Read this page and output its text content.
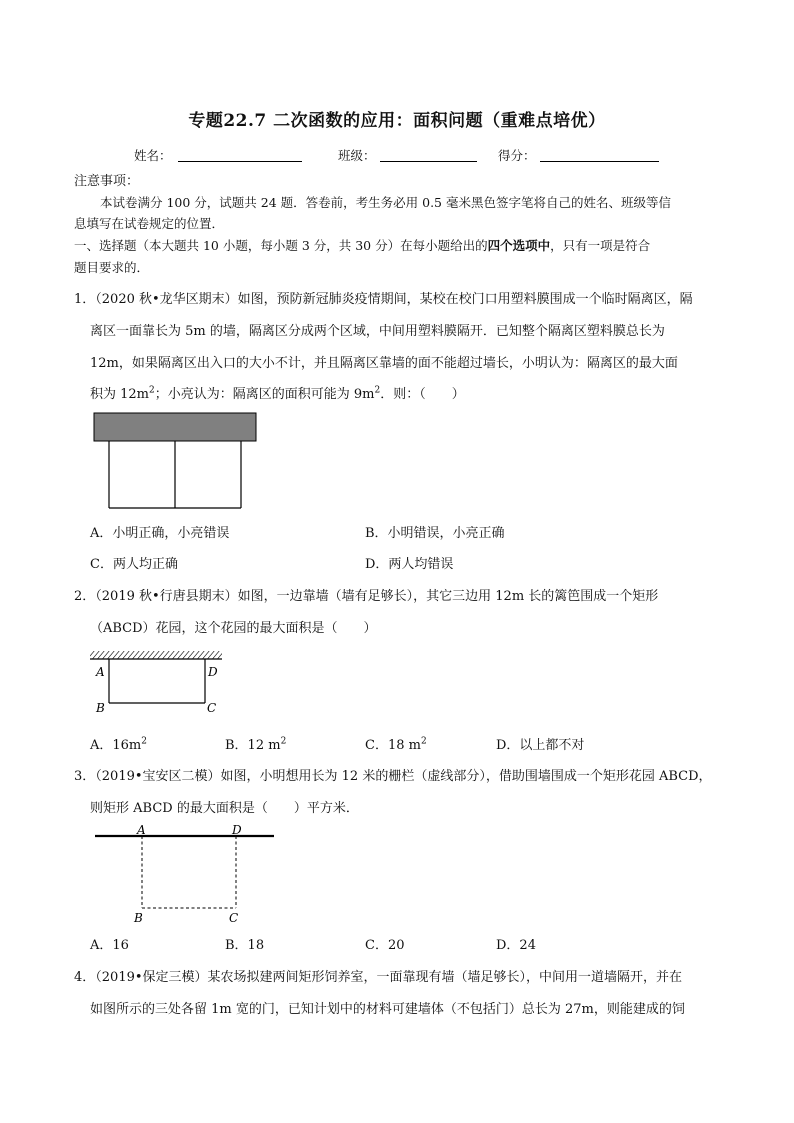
专题22.7 二次函数的应用：面积问题（重难点培优）
姓名：	班级：	得分：
注意事项：
本试卷满分 100 分，试题共 24 题．答卷前，考生务必用 0.5 毫米黑色签字笔将自己的姓名、班级等信
息填写在试卷规定的位置．
一、选择题（本大题共 10 小题，每小题 3 分，共 30 分）在每小题给出的四个选项中，只有一项是符合
题目要求的．
1．（2020 秋•龙华区期末）如图，预防新冠肺炎疫情期间，某校在校门口用塑料膜围成一个临时隔离区，隔
离区一面靠长为 5m 的墙，隔离区分成两个区域，中间用塑料膜隔开．已知整个隔离区塑料膜总长为
12m，如果隔离区出入口的大小不计，并且隔离区靠墙的面不能超过墙长，小明认为：隔离区的最大面
积为 $12m^2$；小亮认为：隔离区的面积可能为 $9m^2$．则：（　　）
A．小明正确，小亮错误	B．小明错误，小亮正确
C．两人均正确	D．两人均错误
2．（2019 秋•行唐县期末）如图，一边靠墙（墙有足够长），其它三边用 12m 长的篱笆围成一个矩形
（ABCD）花园，这个花园的最大面积是（　　）
A	D
B	C
A．$16m^2$	B．12 $m^2$	C．18 $m^2$	D．以上都不对
3．（2019•宝安区二模）如图，小明想用长为 12 米的栅栏（虚线部分），借助围墙围成一个矩形花园 ABCD，
则矩形 ABCD 的最大面积是（　　）平方米．
A	D
B	C
A．16	B．18	C．20	D．24
4．（2019•保定三模）某农场拟建两间矩形饲养室，一面靠现有墙（墙足够长），中间用一道墙隔开，并在
如图所示的三处各留 1m 宽的门，已知计划中的材料可建墙体（不包括门）总长为 27m，则能建成的饲
